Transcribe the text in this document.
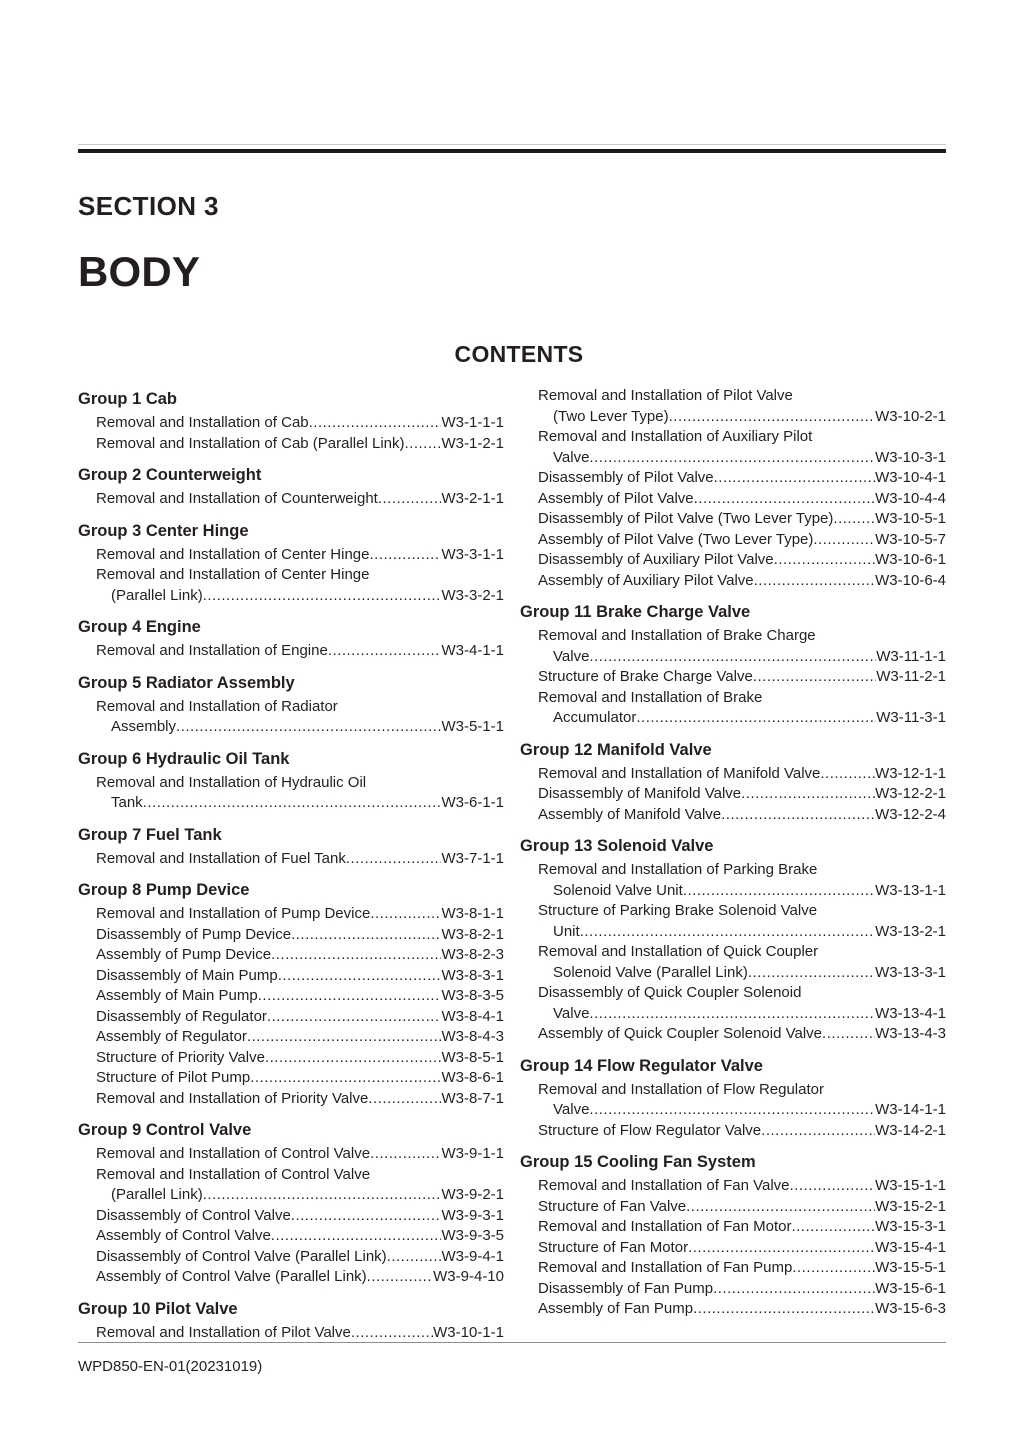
SECTION 3
BODY
CONTENTS
Group 1 Cab
Removal and Installation of Cab .....	W3-1-1-1
Removal and Installation of Cab (Parallel Link) ..... W3-1-2-1
Group 2 Counterweight
Removal and Installation of Counterweight .....	W3-2-1-1
Group 3 Center Hinge
Removal and Installation of Center Hinge .....	W3-3-1-1
Removal and Installation of Center Hinge
(Parallel Link) .....	W3-3-2-1
Group 4 Engine
Removal and Installation of Engine .....	W3-4-1-1
Group 5 Radiator Assembly
Removal and Installation of Radiator
Assembly .....	W3-5-1-1
Group 6 Hydraulic Oil Tank
Removal and Installation of Hydraulic Oil
Tank .....	W3-6-1-1
Group 7 Fuel Tank
Removal and Installation of Fuel Tank .....	W3-7-1-1
Group 8 Pump Device
Removal and Installation of Pump Device .....	W3-8-1-1
Disassembly of Pump Device .....	W3-8-2-1
Assembly of Pump Device .....	W3-8-2-3
Disassembly of Main Pump .....	W3-8-3-1
Assembly of Main Pump .....	W3-8-3-5
Disassembly of Regulator .....	W3-8-4-1
Assembly of Regulator .....	W3-8-4-3
Structure of Priority Valve .....	W3-8-5-1
Structure of Pilot Pump .....	W3-8-6-1
Removal and Installation of Priority Valve .....	W3-8-7-1
Group 9 Control Valve
Removal and Installation of Control Valve .....	W3-9-1-1
Removal and Installation of Control Valve
(Parallel Link) .....	W3-9-2-1
Disassembly of Control Valve .....	W3-9-3-1
Assembly of Control Valve .....	W3-9-3-5
Disassembly of Control Valve (Parallel Link) .....	W3-9-4-1
Assembly of Control Valve (Parallel Link) .....	W3-9-4-10
Group 10 Pilot Valve
Removal and Installation of Pilot Valve .....	W3-10-1-1
Removal and Installation of Pilot Valve
(Two Lever Type) .....	W3-10-2-1
Removal and Installation of Auxiliary Pilot
Valve .....	W3-10-3-1
Disassembly of Pilot Valve .....	W3-10-4-1
Assembly of Pilot Valve .....	W3-10-4-4
Disassembly of Pilot Valve (Two Lever Type) .....	W3-10-5-1
Assembly of Pilot Valve (Two Lever Type) .....	W3-10-5-7
Disassembly of Auxiliary Pilot Valve .....	W3-10-6-1
Assembly of Auxiliary Pilot Valve .....	W3-10-6-4
Group 11 Brake Charge Valve
Removal and Installation of Brake Charge
Valve .....	W3-11-1-1
Structure of Brake Charge Valve .....	W3-11-2-1
Removal and Installation of Brake
Accumulator .....	W3-11-3-1
Group 12 Manifold Valve
Removal and Installation of Manifold Valve .....	W3-12-1-1
Disassembly of Manifold Valve .....	W3-12-2-1
Assembly of Manifold Valve .....	W3-12-2-4
Group 13 Solenoid Valve
Removal and Installation of Parking Brake
Solenoid Valve Unit .....	W3-13-1-1
Structure of Parking Brake Solenoid Valve
Unit .....	W3-13-2-1
Removal and Installation of Quick Coupler
Solenoid Valve (Parallel Link) .....	W3-13-3-1
Disassembly of Quick Coupler Solenoid
Valve .....	W3-13-4-1
Assembly of Quick Coupler Solenoid Valve .....	W3-13-4-3
Group 14 Flow Regulator Valve
Removal and Installation of Flow Regulator
Valve .....	W3-14-1-1
Structure of Flow Regulator Valve .....	W3-14-2-1
Group 15 Cooling Fan System
Removal and Installation of Fan Valve .....	W3-15-1-1
Structure of Fan Valve .....	W3-15-2-1
Removal and Installation of Fan Motor .....	W3-15-3-1
Structure of Fan Motor .....	W3-15-4-1
Removal and Installation of Fan Pump .....	W3-15-5-1
Disassembly of Fan Pump .....	W3-15-6-1
Assembly of Fan Pump .....	W3-15-6-3
WPD850-EN-01(20231019)
